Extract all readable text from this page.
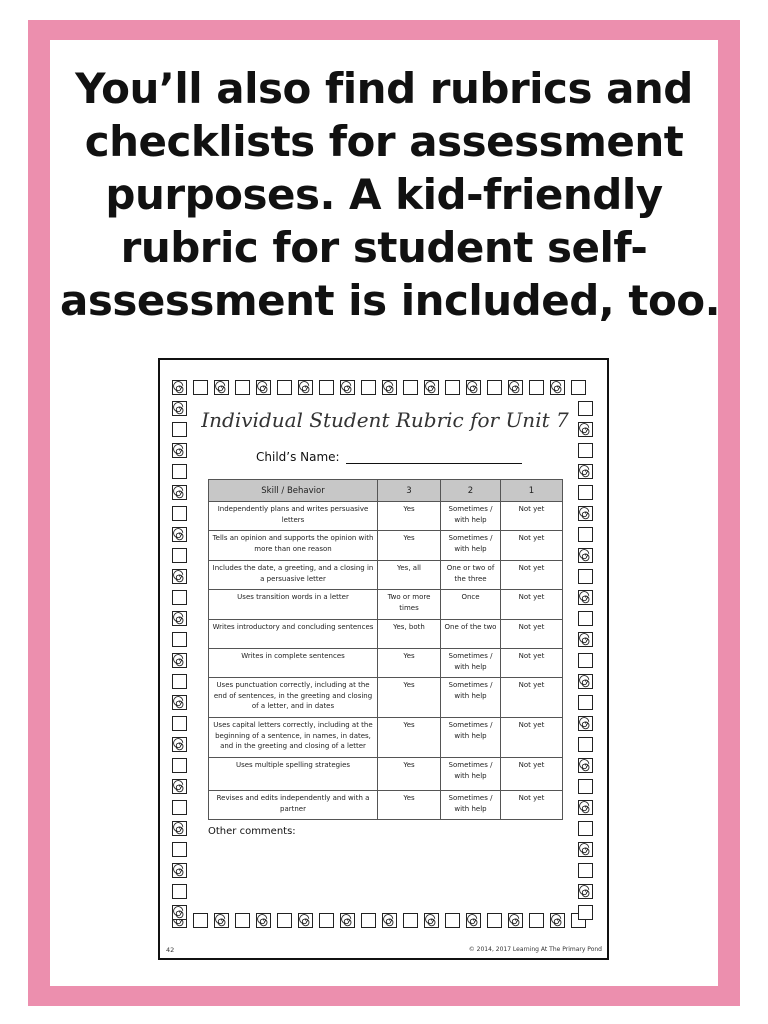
You’ll also find rubrics and
checklists for assessment
purposes. A kid-friendly
rubric for student self-
assessment is included, too.
Individual Student Rubric for Unit 7
Child’s Name:
Skill / Behavior	3	2	1
Independently plans and writes persuasive letters	Yes	Sometimes / with help	Not yet
Tells an opinion and supports the opinion with more than one reason	Yes	Sometimes / with help	Not yet
Includes the date, a greeting, and a closing in a persuasive letter	Yes, all	One or two of the three	Not yet
Uses transition words in a letter	Two or more times	Once	Not yet
Writes introductory and concluding sentences	Yes, both	One of the two	Not yet
Writes in complete sentences	Yes	Sometimes / with help	Not yet
Uses punctuation correctly, including at the end of sentences, in the greeting and closing of a letter, and in dates	Yes	Sometimes / with help	Not yet
Uses capital letters correctly, including at the beginning of a sentence, in names, in dates, and in the greeting and closing of a letter	Yes	Sometimes / with help	Not yet
Uses multiple spelling strategies	Yes	Sometimes / with help	Not yet
Revises and edits independently and with a partner	Yes	Sometimes / with help	Not yet
Other comments:
42	© 2014, 2017 Learning At The Primary Pond
